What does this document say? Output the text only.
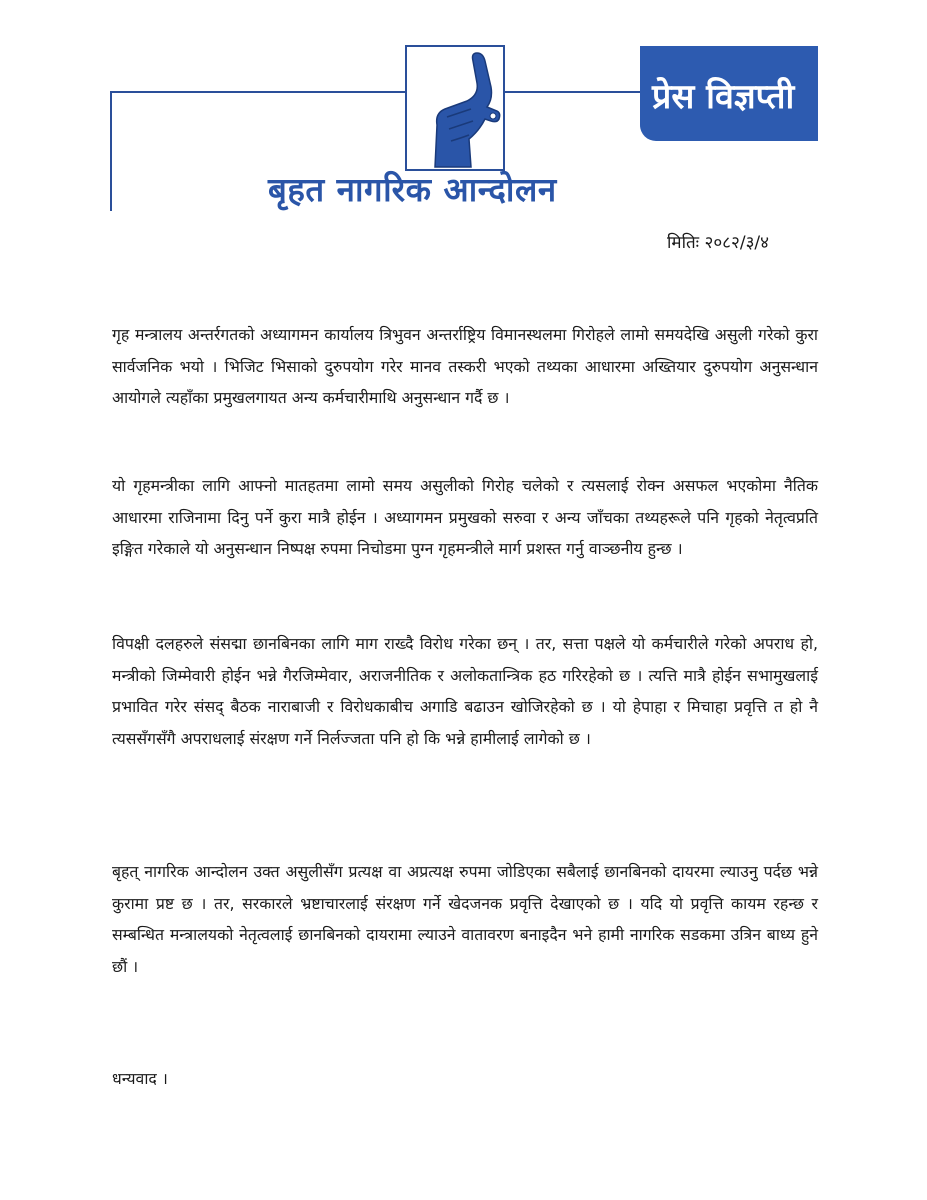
बृहत नागरिक आन्दोलन
प्रेस विज्ञप्ती
मितिः २०८२/३/४

गृह मन्त्रालय अन्तर्रगतको अध्यागमन कार्यालय त्रिभुवन अन्तर्राष्ट्रिय विमानस्थलमा गिरोहले लामो समयदेखि असुली गरेको कुरा सार्वजनिक भयो । भिजिट भिसाको दुरुपयोग गरेर मानव तस्करी भएको तथ्यका आधारमा अख्तियार दुरुपयोग अनुसन्धान आयोगले त्यहाँका प्रमुखलगायत अन्य कर्मचारीमाथि अनुसन्धान गर्दै छ ।

यो गृहमन्त्रीका लागि आफ्नो मातहतमा लामो समय असुलीको गिरोह चलेको र त्यसलाई रोक्न असफल भएकोमा नैतिक आधारमा राजिनामा दिनु पर्ने कुरा मात्रै होईन । अध्यागमन प्रमुखको सरुवा र अन्य जाँचका तथ्यहरूले पनि गृहको नेतृत्वप्रति इङ्गित गरेकाले यो अनुसन्धान निष्पक्ष रुपमा निचोडमा पुग्न गृहमन्त्रीले मार्ग प्रशस्त गर्नु वाञ्छनीय हुन्छ ।

विपक्षी दलहरुले संसद्मा छानबिनका लागि माग राख्दै विरोध गरेका छन् । तर, सत्ता पक्षले यो कर्मचारीले गरेको अपराध हो, मन्त्रीको जिम्मेवारी होईन भन्ने गैरजिम्मेवार, अराजनीतिक र अलोकतान्त्रिक हठ गरिरहेको छ । त्यत्ति मात्रै होईन सभामुखलाई प्रभावित गरेर संसद् बैठक नाराबाजी र विरोधकाबीच अगाडि बढाउन खोजिरहेको छ । यो हेपाहा र मिचाहा प्रवृत्ति त हो नै त्यससँगसँगै अपराधलाई संरक्षण गर्ने निर्लज्जता पनि हो कि भन्ने हामीलाई लागेको छ ।

बृहत् नागरिक आन्दोलन उक्त असुलीसँग प्रत्यक्ष वा अप्रत्यक्ष रुपमा जोडिएका सबैलाई छानबिनको दायरमा ल्याउनु पर्दछ भन्ने कुरामा प्रष्ट छ । तर, सरकारले भ्रष्टाचारलाई संरक्षण गर्ने खेदजनक प्रवृत्ति देखाएको छ । यदि यो प्रवृत्ति कायम रहन्छ र सम्बन्धित मन्त्रालयको नेतृत्वलाई छानबिनको दायरामा ल्याउने वातावरण बनाइदैन भने हामी नागरिक सडकमा उत्रिन बाध्य हुने छौं ।

धन्यवाद ।
